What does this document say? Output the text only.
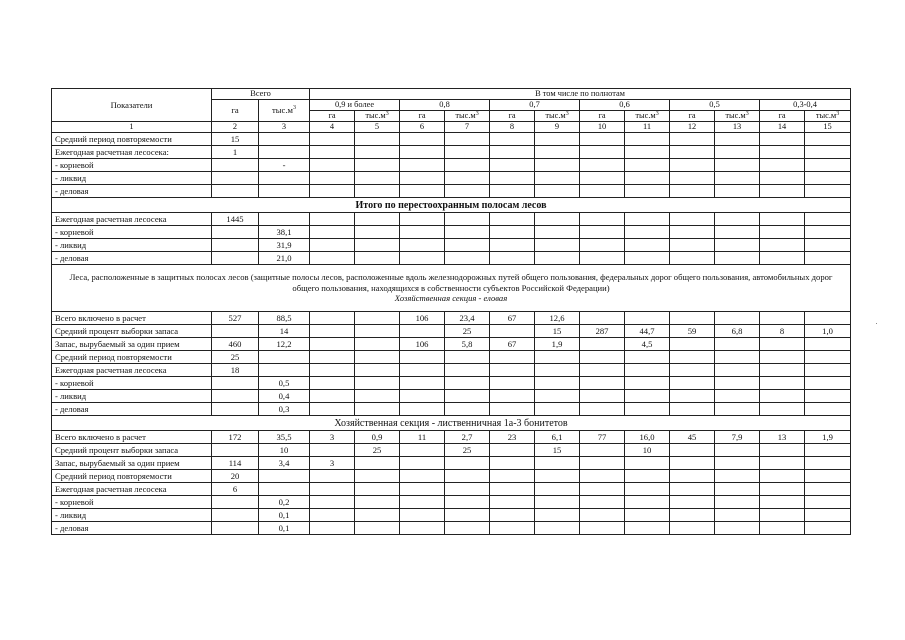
Показатели	Всего		В том числе по полнотам											
	га	$тыс.м^3$	0,9 и более		0,8		0,7		0,6		0,5		0,3-0,4	
			га	$тыс.м^3$	га	$тыс.м^3$	га	$тыс.м^3$	га	$тыс.м^3$	га	$тыс.м^3$	га	$тыс.м^3$
1	2	3	4	5	6	7	8	9	10	11	12	13	14	15
Средний период повторяемости	15													
Ежегодная расчетная лесосека:	1													
- корневой		-												
- ликвид														
- деловая														
Итого по перестоохранным полосам лесов														
Ежегодная расчетная лесосека	1445													
- корневой		38,1												
- ликвид		31,9												
- деловая		21,0												

Леса, расположенные в защитных полосах лесов (защитные полосы лесов, расположенные вдоль железнодорожных путей общего пользования, федеральных дорог общего пользования, автомобильных дорог общего пользования, находящихся в собственности субъектов Российской Федерации)
Хозяйственная секция - еловая														

Всего включено в расчет	527	88,5			106	23,4	67	12,6						
Средний процент выборки запаса		14				25		15	287	44,7	59	6,8	8	1,0
Запас, вырубаемый за один прием	460	12,2			106	5,8	67	1,9		4,5				
Средний период повторяемости	25													
Ежегодная расчетная лесосека	18													
- корневой		0,5												
- ликвид		0,4												
- деловая		0,3												
Хозяйственная секция - лиственничная 1а-3 бонитетов														
Всего включено в расчет	172	35,5	3	0,9	11	2,7	23	6,1	77	16,0	45	7,9	13	1,9
Средний процент выборки запаса		10		25		25		15		10				
Запас, вырубаемый за один прием	114	3,4	3											
Средний период повторяемости	20													
Ежегодная расчетная лесосека	6													
- корневой		0,2												
- ликвид		0,1												
- деловая		0,1												
